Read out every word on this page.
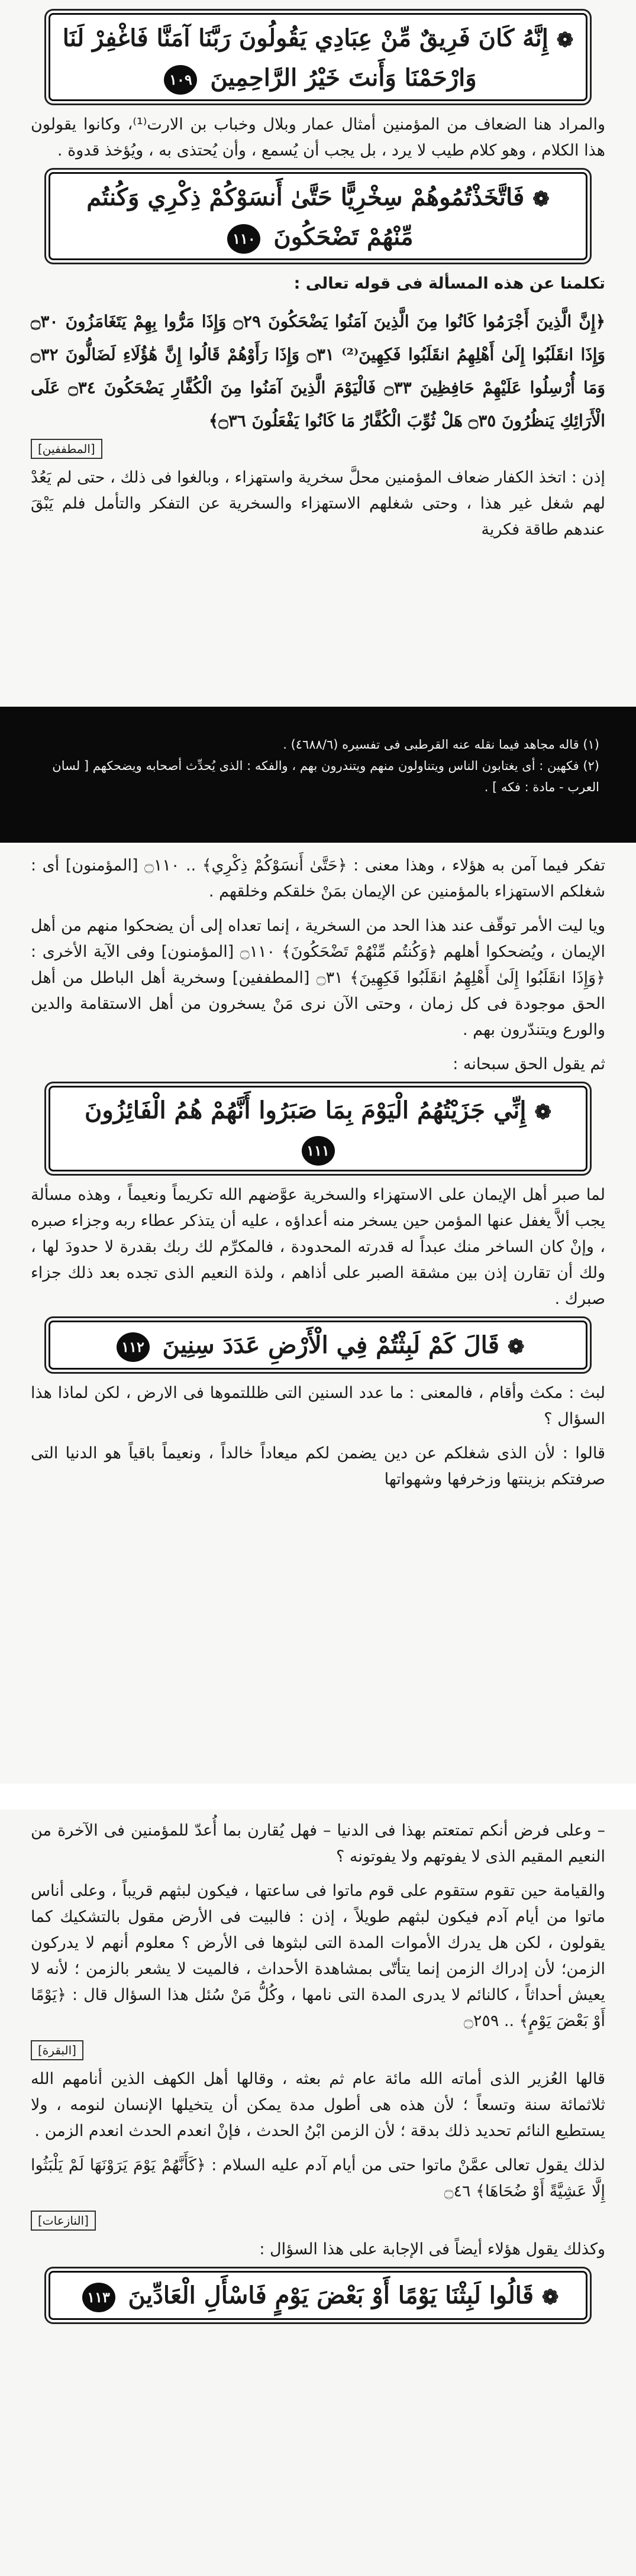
❁ إِنَّهُ كَانَ فَرِيقٌ مِّنْ عِبَادِي يَقُولُونَ رَبَّنَا آمَنَّا فَاغْفِرْ لَنَا وَارْحَمْنَا وَأَنتَ خَيْرُ الرَّاحِمِينَ ١٠٩

والمراد هنا الضعاف من المؤمنين أمثال عمار وبلال وخباب بن الارت⁽¹⁾، وكانوا يقولون هذا الكلام ، وهو كلام طيب لا يرد ، بل يجب أن يُسمع ، وأن يُحتذى به ، ويُؤخذ قدوة .

❁ فَاتَّخَذْتُمُوهُمْ سِخْرِيًّا حَتَّىٰ أَنسَوْكُمْ ذِكْرِي وَكُنتُم مِّنْهُمْ تَضْحَكُونَ ١١٠

تكلمنا عن هذه المسألة فى قوله تعالى :

﴿إِنَّ الَّذِينَ أَجْرَمُوا كَانُوا مِنَ الَّذِينَ آمَنُوا يَضْحَكُونَ ۝٢٩ وَإِذَا مَرُّوا بِهِمْ يَتَغَامَزُونَ ۝٣٠ وَإِذَا انقَلَبُوا إِلَىٰ أَهْلِهِمُ انقَلَبُوا فَكِهِينَ⁽²⁾ ۝٣١ وَإِذَا رَأَوْهُمْ قَالُوا إِنَّ هَٰؤُلَاءِ لَضَالُّونَ ۝٣٢ وَمَا أُرْسِلُوا عَلَيْهِمْ حَافِظِينَ ۝٣٣ فَالْيَوْمَ الَّذِينَ آمَنُوا مِنَ الْكُفَّارِ يَضْحَكُونَ ۝٣٤ عَلَى الْأَرَائِكِ يَنظُرُونَ ۝٣٥ هَلْ ثُوِّبَ الْكُفَّارُ مَا كَانُوا يَفْعَلُونَ ۝٣٦﴾
[المطففين]

إذن : اتخذ الكفار ضعاف المؤمنين محلَّ سخرية واستهزاء ، وبالغوا فى ذلك ، حتى لم يَعُدْ لهم شغل غير هذا ، وحتى شغلهم الاستهزاء والسخرية عن التفكر والتأمل فلم يَبْقَ عندهم طاقة فكرية

(١) قاله مجاهد فيما نقله عنه القرطبى فى تفسيره (٤٦٨٨/٦) .
(٢) فكهين : أى يغتابون الناس ويتناولون منهم ويتندرون بهم ، والفكه : الذى يُحدِّث أصحابه ويضحكهم [ لسان العرب - مادة : فكه ] .

تفكر فيما آمن به هؤلاء ، وهذا معنى : ﴿حَتَّىٰ أَنسَوْكُمْ ذِكْرِي﴾ .. ۝١١٠ [المؤمنون] أى : شغلكم الاستهزاء بالمؤمنين عن الإيمان بمَنْ خلقكم وخلقهم .

ويا ليت الأمر توقّف عند هذا الحد من السخرية ، إنما تعداه إلى أن يضحكوا منهم من أهل الإيمان ، ويُضحكوا أهلهم ﴿وَكُنتُم مِّنْهُمْ تَضْحَكُونَ﴾ ۝١١٠ [المؤمنون] وفى الآية الأخرى : ﴿وَإِذَا انقَلَبُوا إِلَىٰ أَهْلِهِمُ انقَلَبُوا فَكِهِينَ﴾ ۝٣١ [المطففين] وسخرية أهل الباطل من أهل الحق موجودة فى كل زمان ، وحتى الآن نرى مَنْ يسخرون من أهل الاستقامة والدين والورع ويتندّرون بهم .

ثم يقول الحق سبحانه :

❁ إِنِّي جَزَيْتُهُمُ الْيَوْمَ بِمَا صَبَرُوا أَنَّهُمْ هُمُ الْفَائِزُونَ ١١١

لما صبر أهل الإيمان على الاستهزاء والسخرية عوَّضهم الله تكريماً ونعيماً ، وهذه مسألة يجب ألاَّ يغفل عنها المؤمن حين يسخر منه أعداؤه ، عليه أن يتذكر عطاء ربه وجزاء صبره ، وإنْ كان الساخر منك عبداً له قدرته المحدودة ، فالمكرِّم لك ربك بقدرة لا حدودَ لها ، ولك أن تقارن إذن بين مشقة الصبر على أذاهم ، ولذة النعيم الذى تجده بعد ذلك جزاء صبرك .

❁ قَالَ كَمْ لَبِثْتُمْ فِي الْأَرْضِ عَدَدَ سِنِينَ ١١٢

لبث : مكث وأقام ، فالمعنى : ما عدد السنين التى ظللتموها فى الارض ، لكن لماذا هذا السؤال ؟

قالوا : لأن الذى شغلكم عن دين يضمن لكم ميعاداً خالداً ، ونعيماً باقياً هو الدنيا التى صرفتكم بزينتها وزخرفها وشهواتها

– وعلى فرض أنكم تمتعتم بهذا فى الدنيا – فهل يُقارن بما أُعدّ للمؤمنين فى الآخرة من النعيم المقيم الذى لا يفوتهم ولا يفوتونه ؟

والقيامة حين تقوم ستقوم على قوم ماتوا فى ساعتها ، فيكون لبثهم قريباً ، وعلى أناس ماتوا من أيام آدم فيكون لبثهم طويلاً ، إذن : فالبيت فى الأرض مقول بالتشكيك كما يقولون ، لكن هل يدرك الأموات المدة التى لبثوها فى الأرض ؟ معلوم أنهم لا يدركون الزمن؛ لأن إدراك الزمن إنما يتأتّى بمشاهدة الأحداث ، فالميت لا يشعر بالزمن ؛ لأنه لا يعيش أحداثاً ، كالنائم لا يدرى المدة التى نامها ، وكُلُّ مَنْ سُئل هذا السؤال قال : ﴿يَوْمًا أَوْ بَعْضَ يَوْمٍ﴾ .. ۝٢٥٩

[البقرة]

قالها العُزير الذى أماته الله مائة عام ثم بعثه ، وقالها أهل الكهف الذين أنامهم الله ثلاثمائة سنة وتسعاً ؛ لأن هذه هى أطول مدة يمكن أن يتخيلها الإنسان لنومه ، ولا يستطيع النائم تحديد ذلك بدقة ؛ لأن الزمن ابْنُ الحدث ، فإنْ انعدم الحدث انعدم الزمن .

لذلك يقول تعالى عمَّنْ ماتوا حتى من أيام آدم عليه السلام : ﴿كَأَنَّهُمْ يَوْمَ يَرَوْنَهَا لَمْ يَلْبَثُوا إِلَّا عَشِيَّةً أَوْ ضُحَاهَا﴾ ۝٤٦

[النازعات]

وكذلك يقول هؤلاء أيضاً فى الإجابة على هذا السؤال :

❁ قَالُوا لَبِثْنَا يَوْمًا أَوْ بَعْضَ يَوْمٍ فَاسْأَلِ الْعَادِّينَ ١١٣
